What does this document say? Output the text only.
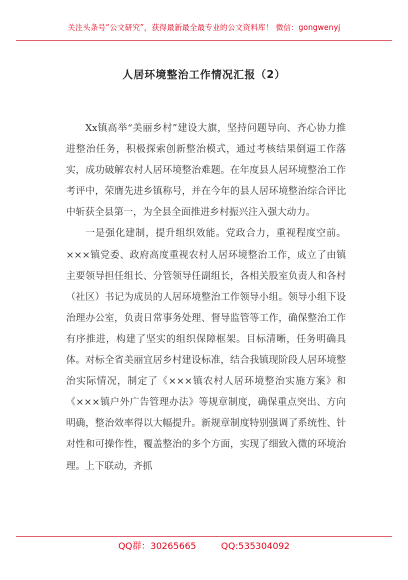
关注头条号“公文研究”，获得最新最全最专业的公文资料库！ 微信：gongwenyj
人居环境整治工作情况汇报（2）

Xx镇高举“美丽乡村”建设大旗，坚持问题导向、齐心协力推进整治任务，积极探索创新整治模式，通过考核结果倒逼工作落实，成功破解农村人居环境整治难题。在年度县人居环境整治工作考评中，荣膺先进乡镇称号，并在今年的县人居环境整治综合评比中斩获全县第一，为全县全面推进乡村振兴注入强大动力。

一是强化建制，提升组织效能。党政合力，重视程度空前。×××镇党委、政府高度重视农村人居环境整治工作，成立了由镇主要领导担任组长、分管领导任副组长，各相关股室负责人和各村（社区）书记为成员的人居环境整治工作领导小组。领导小组下设治理办公室，负责日常事务处理、督导监管等工作，确保整治工作有序推进，构建了坚实的组织保障框架。目标清晰，任务明确具体。对标全省美丽宜居乡村建设标准，结合我镇现阶段人居环境整治实际情况，制定了《×××镇农村人居环境整治实施方案》和《×××镇户外广告管理办法》等规章制度，确保重点突出、方向明确，整治效率得以大幅提升。新规章制度特别强调了系统性、针对性和可操作性，覆盖整治的多个方面，实现了细致入微的环境治理。上下联动，齐抓

QQ群：30265665	QQ:535304092
